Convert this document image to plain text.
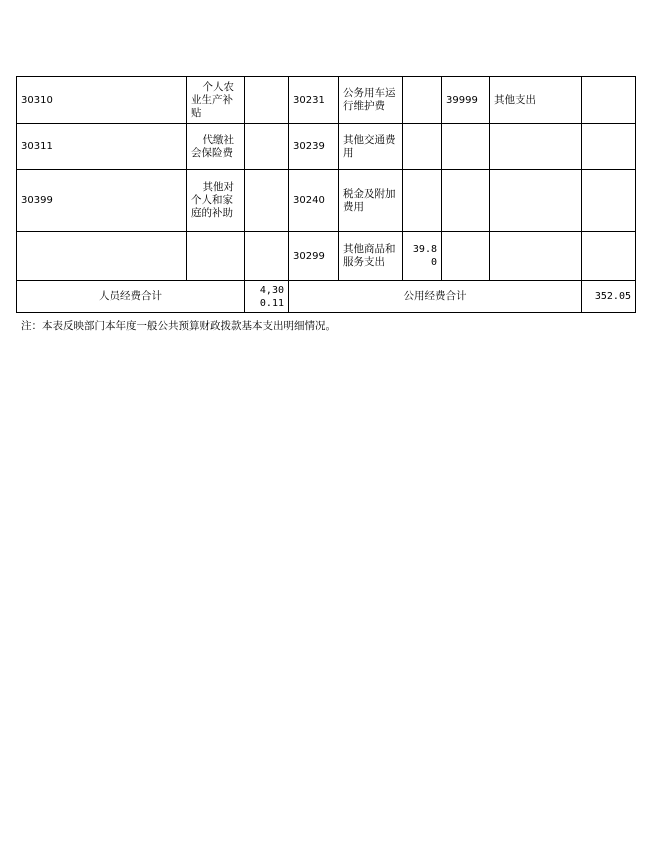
30310	个人农业生产补贴		30231	公务用车运行维护费		39999	其他支出	
30311	代缴社会保险费		30239	其他交通费用				
30399	其他对个人和家庭的补助		30240	税金及附加费用				
			30299	其他商品和服务支出	39.80			
人员经费合计		4,300.11	公用经费合计					352.05
注：本表反映部门本年度一般公共预算财政拨款基本支出明细情况。
